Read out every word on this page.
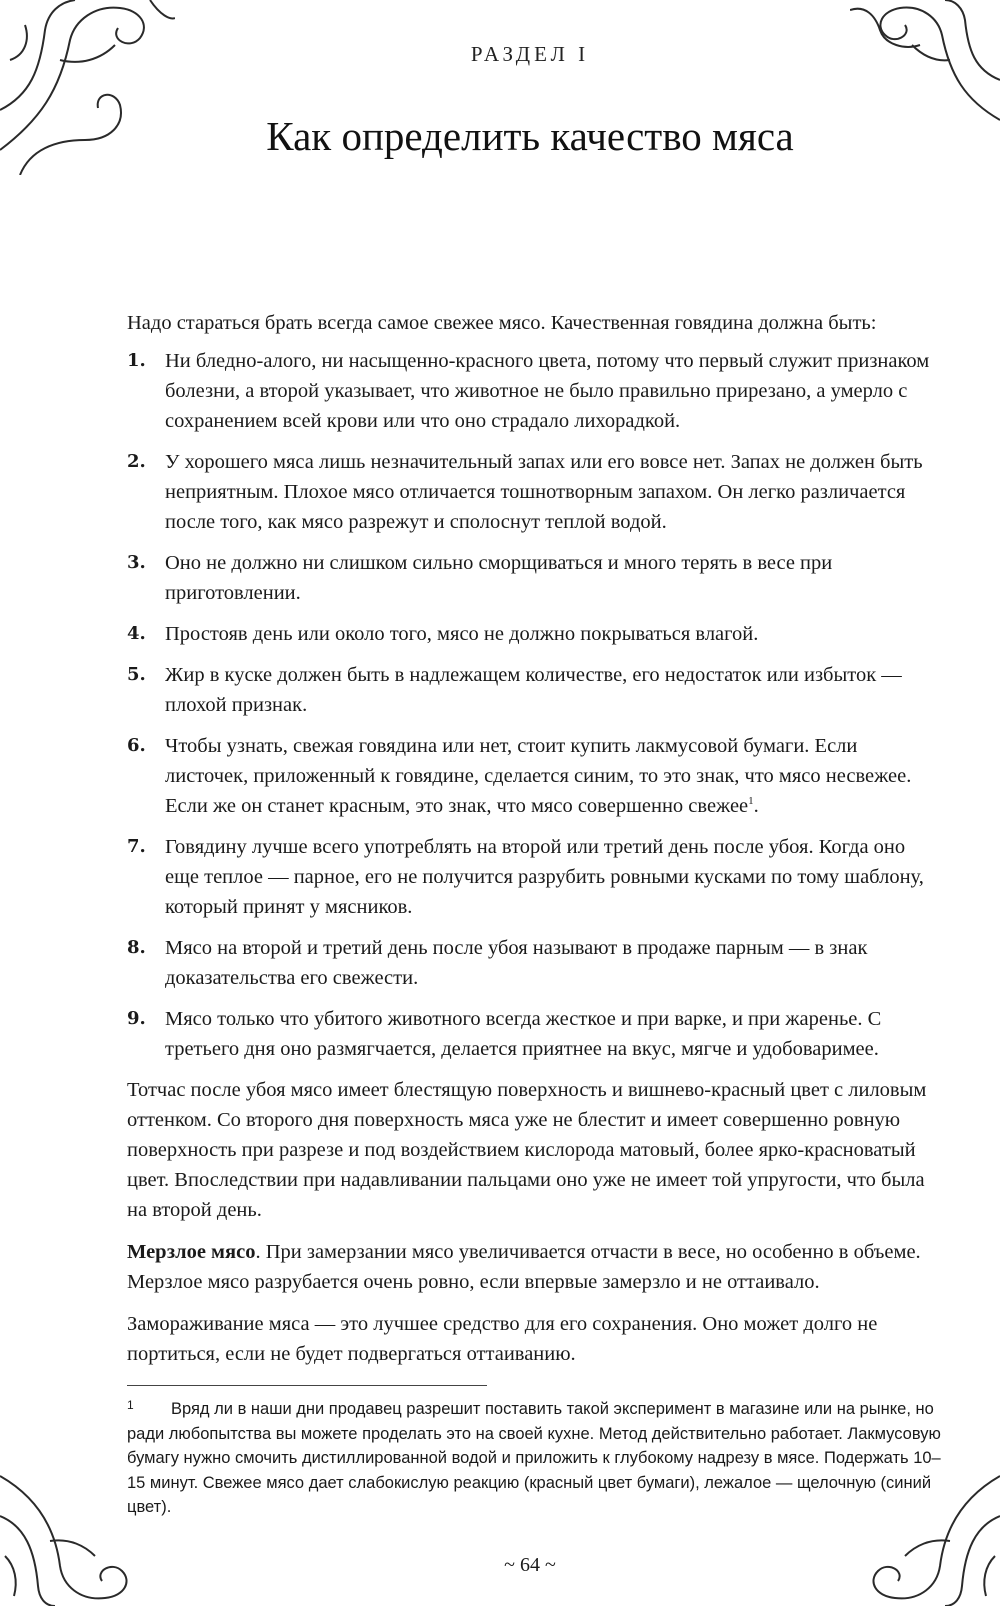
РАЗДЕЛ I
Как определить качество мяса

Надо стараться брать всегда самое свежее мясо. Качественная говядина должна быть:

1. Ни бледно-алого, ни насыщенно-красного цвета, потому что первый служит признаком болезни, а второй указывает, что животное не было правильно прирезано, а умерло с сохранением всей крови или что оно страдало лихорадкой.
2. У хорошего мяса лишь незначительный запах или его вовсе нет. Запах не должен быть неприятным. Плохое мясо отличается тошнотворным запахом. Он легко различается после того, как мясо разрежут и сполоснут теплой водой.
3. Оно не должно ни слишком сильно сморщиваться и много терять в весе при приготовлении.
4. Простояв день или около того, мясо не должно покрываться влагой.
5. Жир в куске должен быть в надлежащем количестве, его недостаток или избыток — плохой признак.
6. Чтобы узнать, свежая говядина или нет, стоит купить лакмусовой бумаги. Если листочек, приложенный к говядине, сделается синим, то это знак, что мясо несвежее. Если же он станет красным, это знак, что мясо совершенно свежее$^1$.
7. Говядину лучше всего употреблять на второй или третий день после убоя. Когда оно еще теплое — парное, его не получится разрубить ровными кусками по тому шаблону, который принят у мясников.
8. Мясо на второй и третий день после убоя называют в продаже парным — в знак доказательства его свежести.
9. Мясо только что убитого животного всегда жесткое и при варке, и при жаренье. С третьего дня оно размягчается, делается приятнее на вкус, мягче и удобоваримее.

Тотчас после убоя мясо имеет блестящую поверхность и вишнево-красный цвет с лиловым оттенком. Со второго дня поверхность мяса уже не блестит и имеет совершенно ровную поверхность при разрезе и под воздействием кислорода матовый, более ярко-красноватый цвет. Впоследствии при надавливании пальцами оно уже не имеет той упругости, что была на второй день.

Мерзлое мясо. При замерзании мясо увеличивается отчасти в весе, но особенно в объеме. Мерзлое мясо разрубается очень ровно, если впервые замерзло и не оттаивало.

Замораживание мяса — это лучшее средство для его сохранения. Оно может долго не портиться, если не будет подвергаться оттаиванию.

1	Вряд ли в наши дни продавец разрешит поставить такой эксперимент в магазине или на рынке, но ради любопытства вы можете проделать это на своей кухне. Метод действительно работает. Лакмусовую бумагу нужно смочить дистиллированной водой и приложить к глубокому надрезу в мясе. Подержать 10–15 минут. Свежее мясо дает слабокислую реакцию (красный цвет бумаги), лежалое — щелочную (синий цвет).

~ 64 ~
